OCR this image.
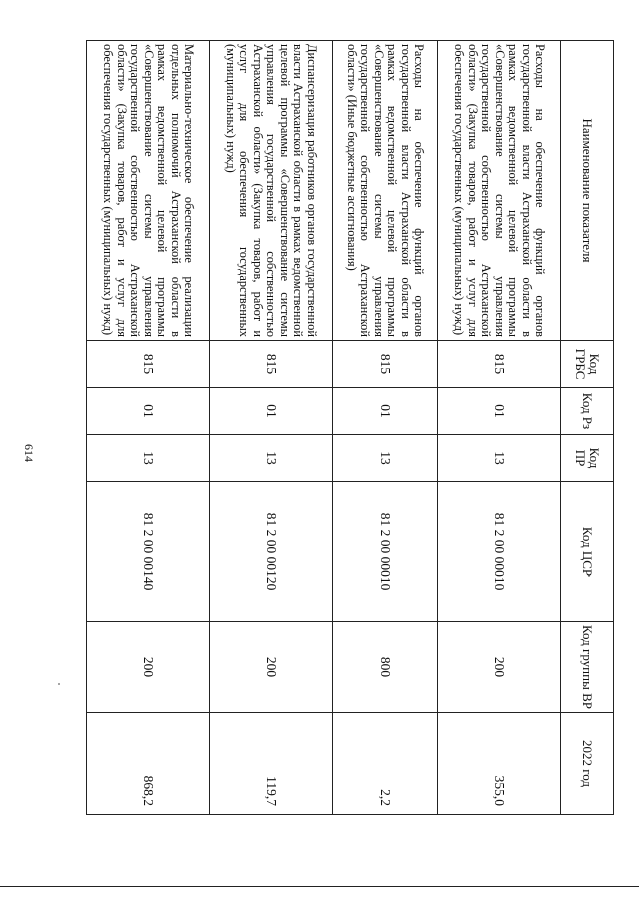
614
Наименование показателя	Код ГРБС	Код Рз	Код ПР	Код ЦСР	Код группы ВР	2022 год
Расходы на обеспечение функций органов государственной власти Астраханской области в рамках ведомственной целевой программы «Совершенствование системы управления государственной собственностью Астраханской области» (Закупка товаров, работ и услуг для обеспечения государственных (муниципальных) нужд)	815	01	13	81 2 00 00010	200	355,0
Расходы на обеспечение функций органов государственной власти Астраханской области в рамках ведомственной целевой программы «Совершенствование системы управления государственной собственностью Астраханской области» (Иные бюджетные ассигнования)	815	01	13	81 2 00 00010	800	2,2
Диспансеризация работников органов государственной власти Астраханской области в рамках ведомственной целевой программы «Совершенствование системы управления государственной собственностью Астраханской области» (Закупка товаров, работ и услуг для обеспечения государственных (муниципальных) нужд)	815	01	13	81 2 00 00120	200	119,7
Материально-техническое обеспечение реализации отдельных полномочий Астраханской области в рамках ведомственной целевой программы «Совершенствование системы управления государственной собственностью Астраханской области» (Закупка товаров, работ и услуг для обеспечения государственных (муниципальных) нужд)	815	01	13	81 2 00 00140	200	868,2
